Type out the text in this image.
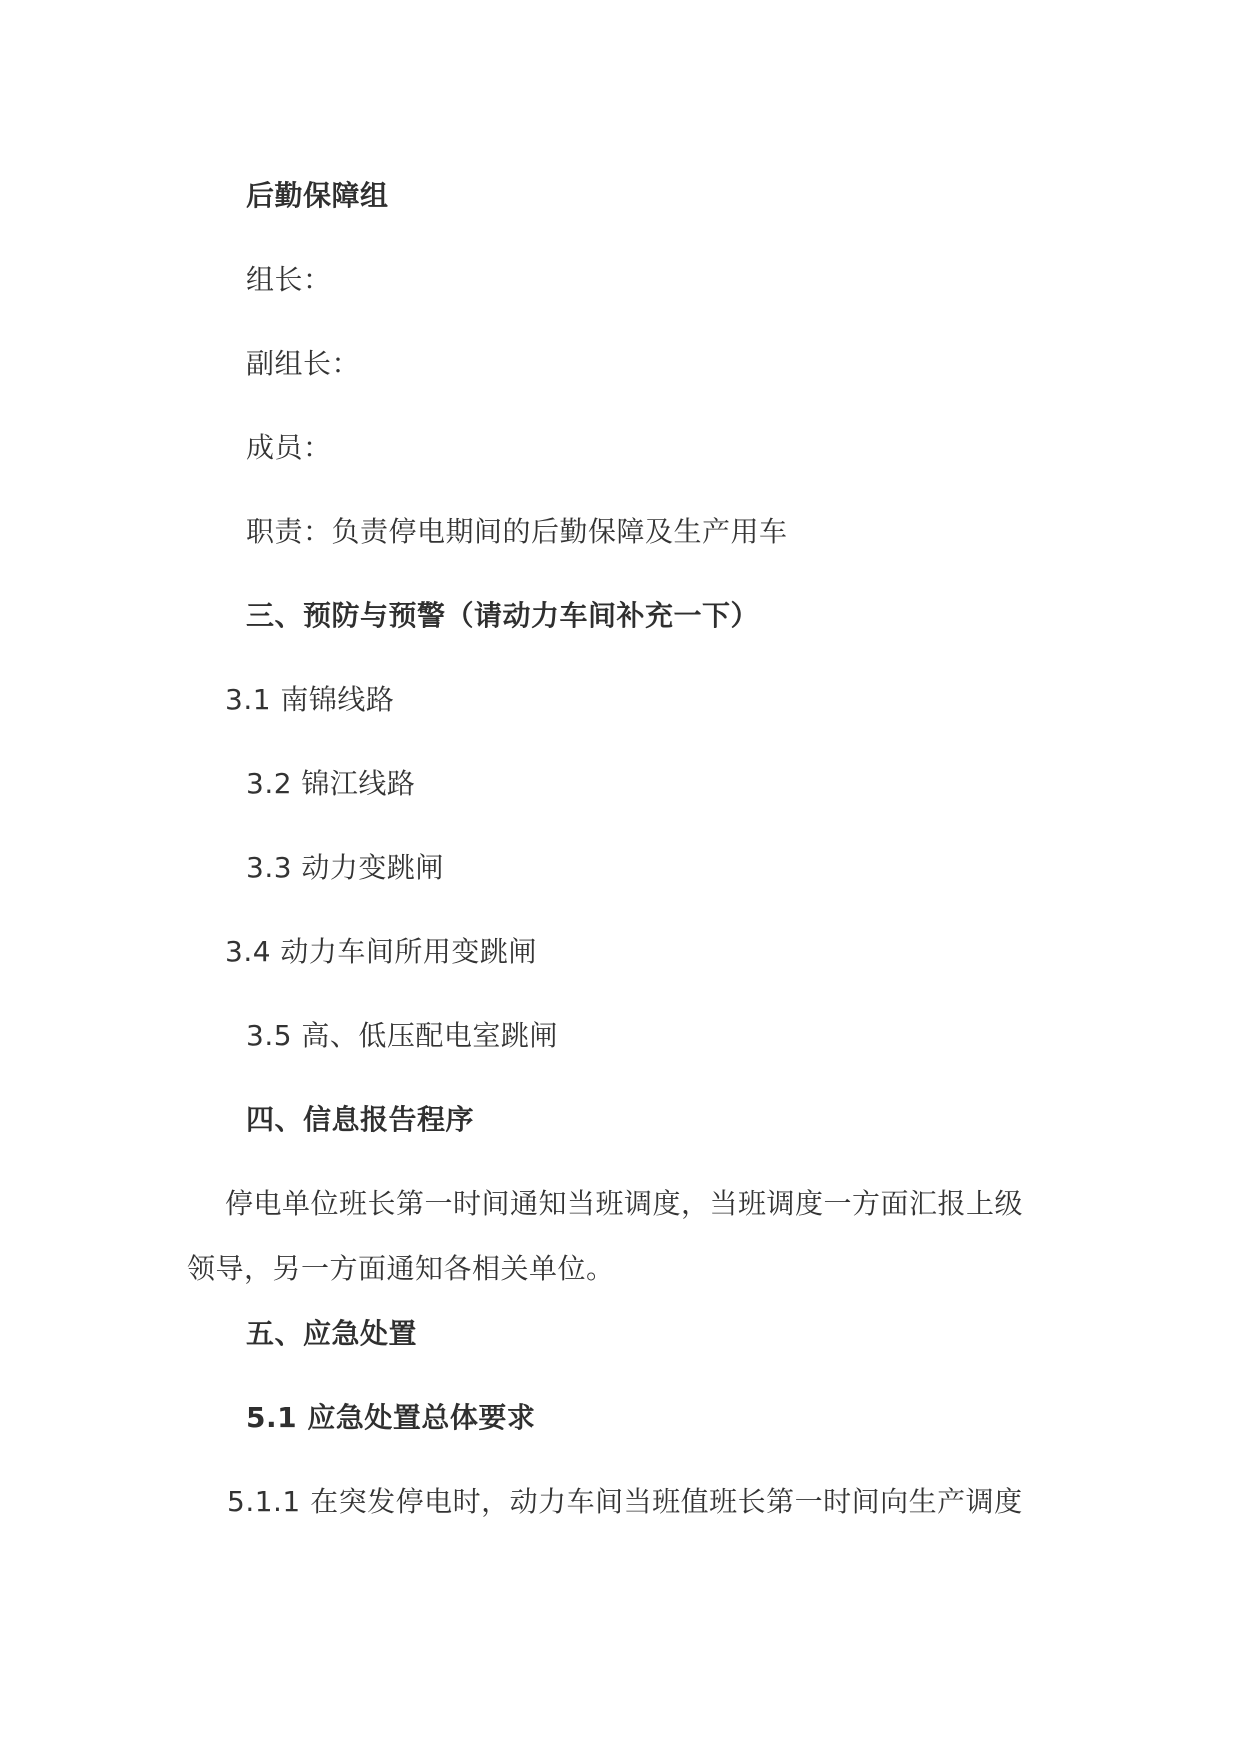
后勤保障组
组长：
副组长：
成员：
职责：负责停电期间的后勤保障及生产用车
三、预防与预警（请动力车间补充一下）
3.1 南锦线路
3.2 锦江线路
3.3 动力变跳闸
3.4 动力车间所用变跳闸
3.5 高、低压配电室跳闸
四、信息报告程序
停电单位班长第一时间通知当班调度，当班调度一方面汇报上级
领导，另一方面通知各相关单位。
五、应急处置
5.1 应急处置总体要求
5.1.1 在突发停电时，动力车间当班值班长第一时间向生产调度
